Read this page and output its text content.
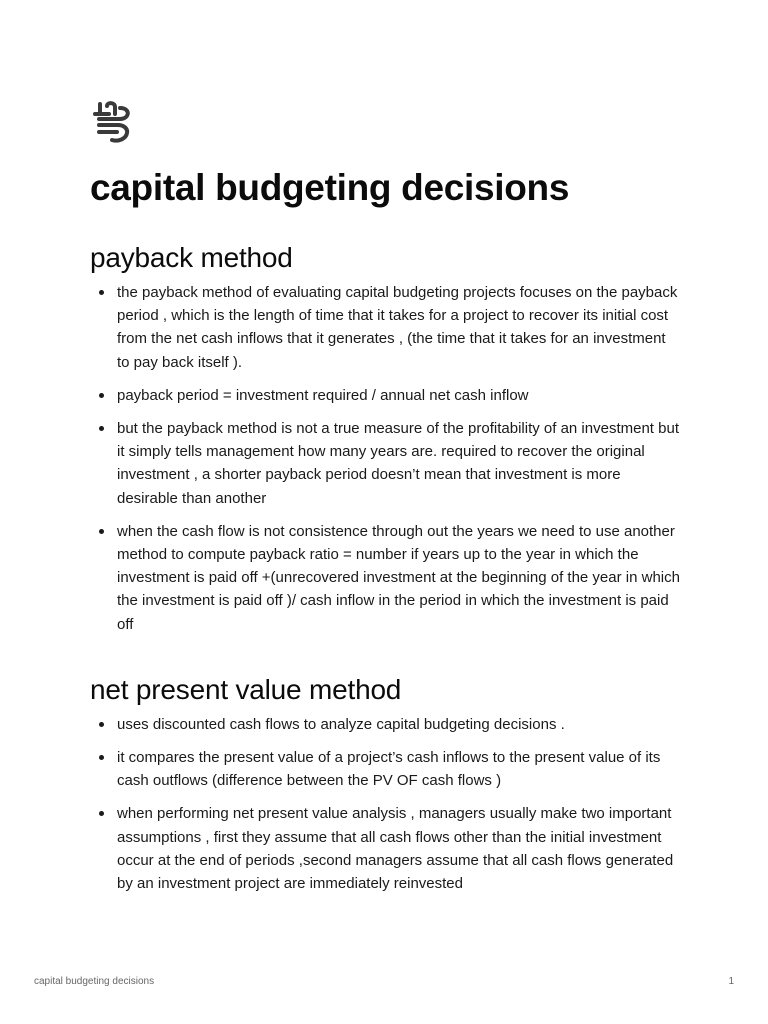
capital budgeting decisions
payback method
the payback method of evaluating capital budgeting projects focuses on the payback period , which is the length of time that it takes for a project to recover its initial cost from the net cash inflows that it generates , (the time that it takes for an investment to pay back itself ).
payback period = investment required / annual net cash inflow
but the payback method is not a true measure of the profitability of an investment but it simply tells management how many years are. required to recover the original investment , a shorter payback period doesn’t mean that investment is more desirable than another
when the cash flow is not consistence through out the years we need to use another method to compute payback ratio = number if years up to the year in which the investment is paid off +(unrecovered investment at the beginning of the year in which the investment is paid off )/ cash inflow in the period in which the investment is paid off
net present value method
uses discounted cash flows to analyze capital budgeting decisions .
it compares the present value of a project’s cash inflows to the present value of its cash outflows (difference between the PV OF cash flows )
when performing net present value analysis , managers usually make two important assumptions , first they assume that all cash flows other than the initial investment occur at the end of periods ,second managers assume that all cash flows generated by an investment project are immediately reinvested
capital budgeting decisions	1
